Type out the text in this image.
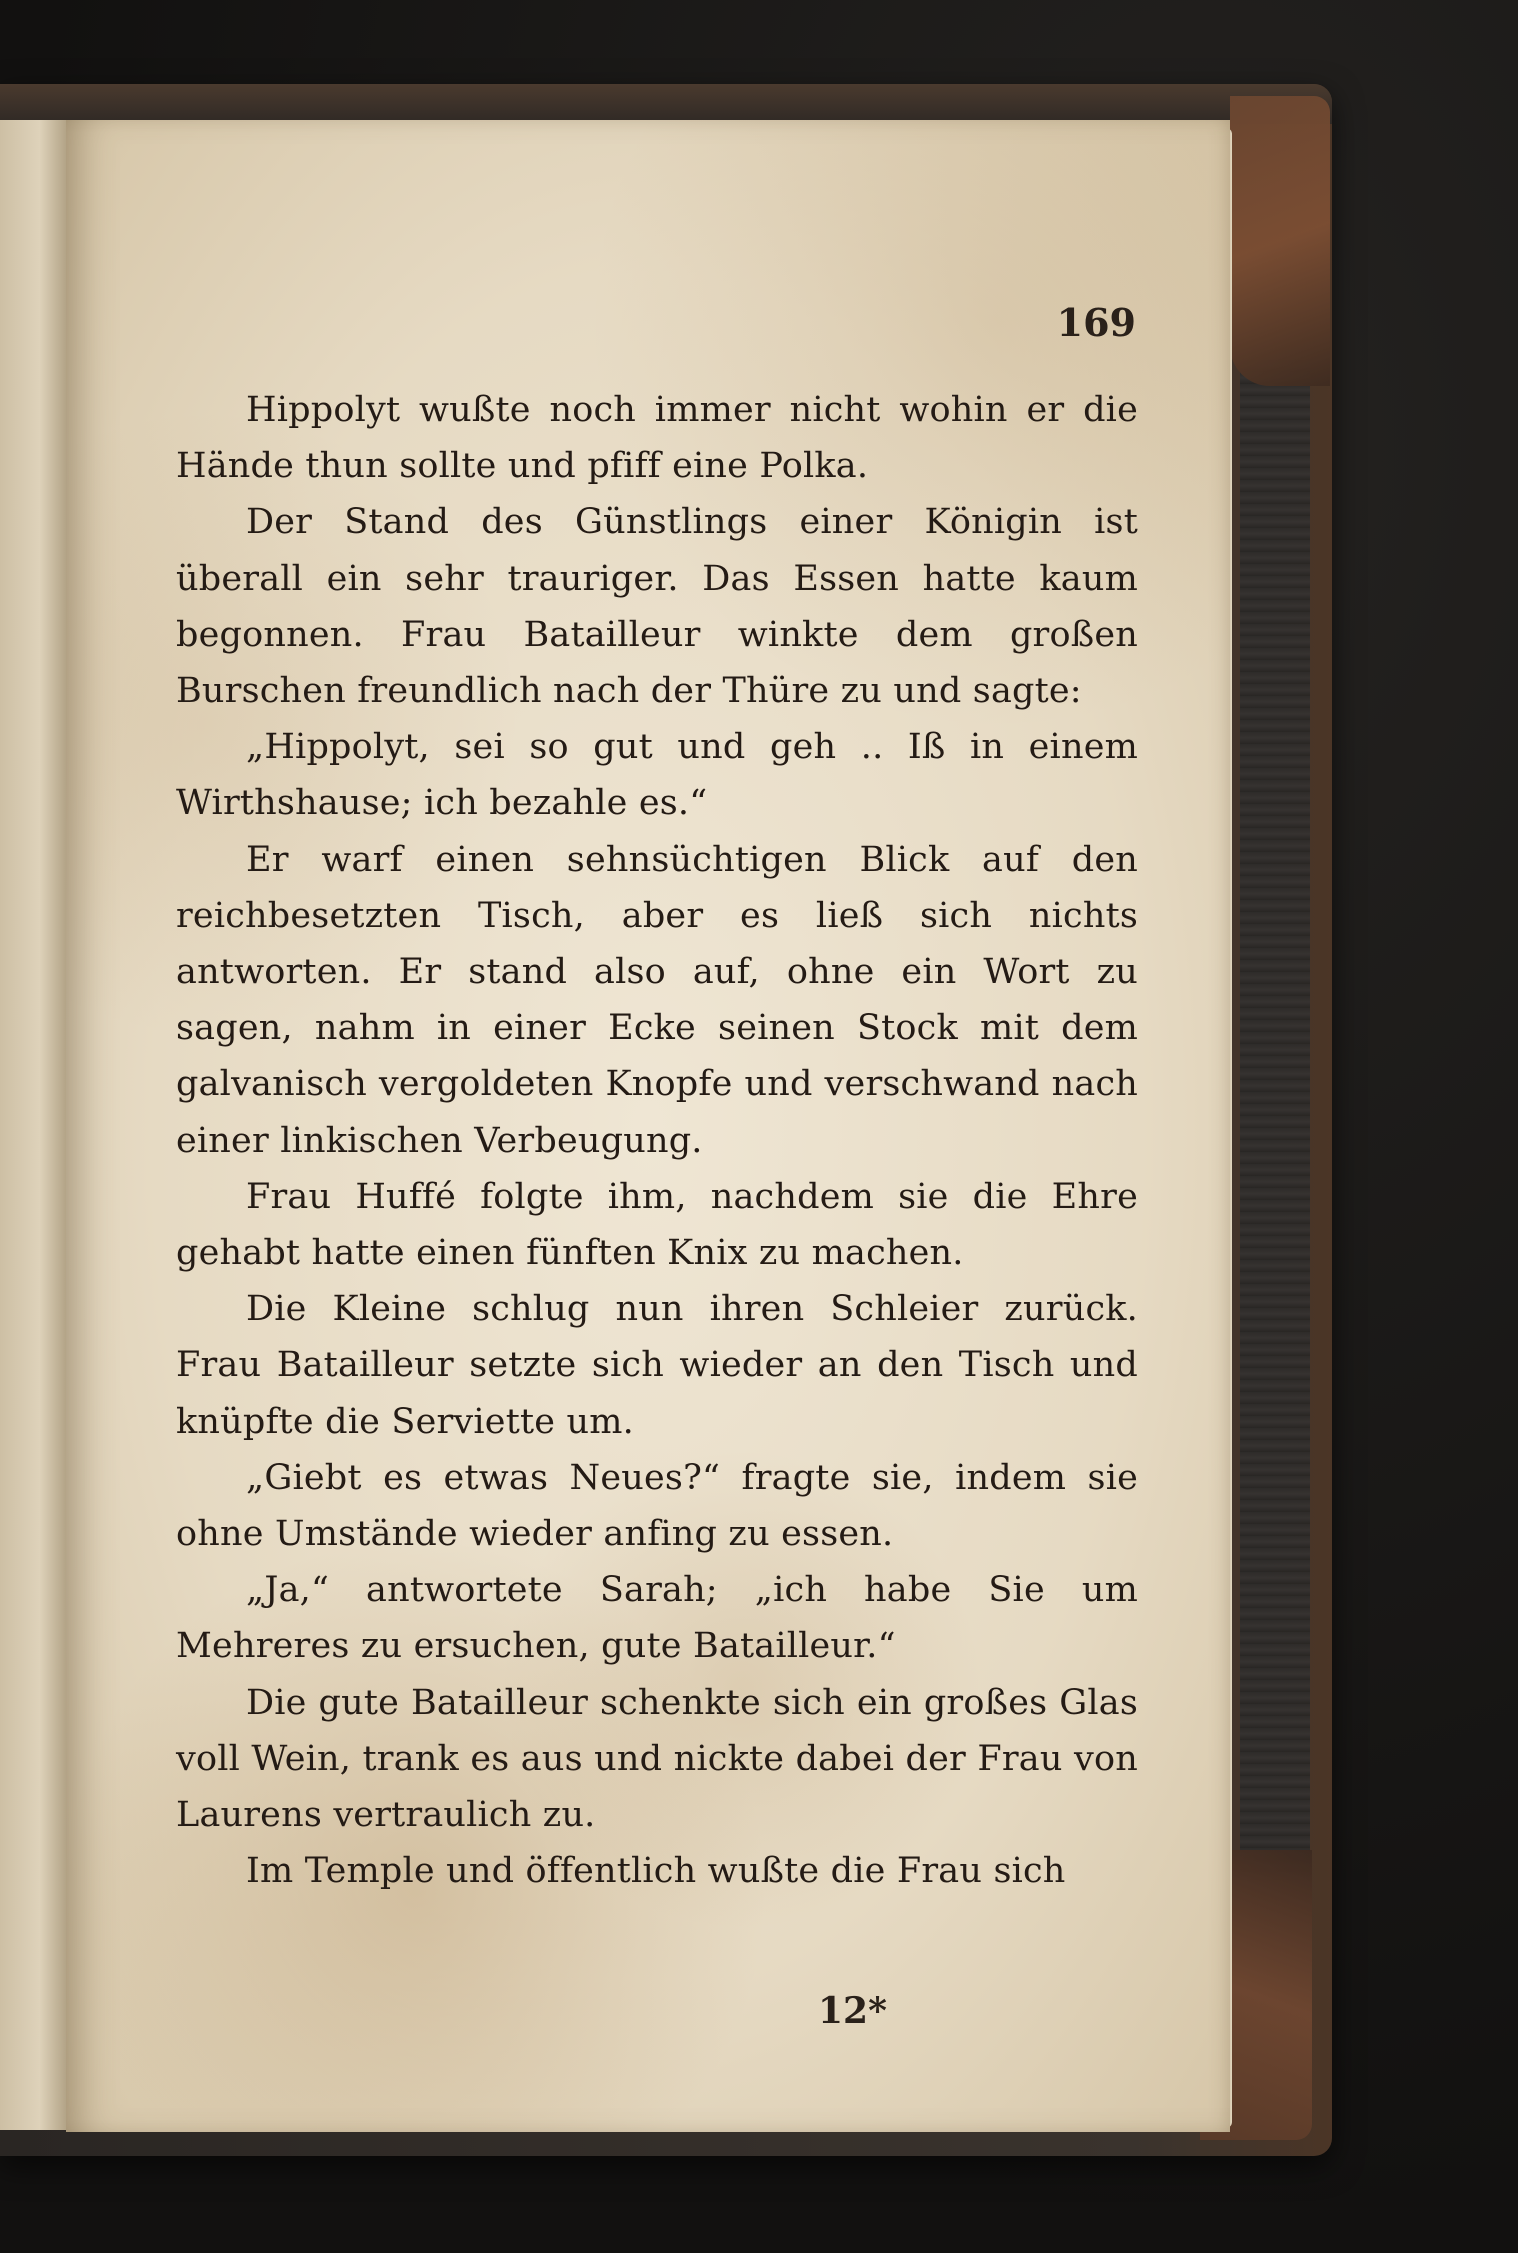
169

Hippolyt wußte noch immer nicht wohin er die Hände thun sollte und pfiff eine Polka.

Der Stand des Günstlings einer Königin ist überall ein sehr trauriger. Das Essen hatte kaum begonnen. Frau Batailleur winkte dem großen Burschen freundlich nach der Thüre zu und sagte:

„Hippolyt, sei so gut und geh .. Iß in einem Wirthshause; ich bezahle es.“

Er warf einen sehnsüchtigen Blick auf den reichbesetzten Tisch, aber es ließ sich nichts antworten. Er stand also auf, ohne ein Wort zu sagen, nahm in einer Ecke seinen Stock mit dem galvanisch vergoldeten Knopfe und verschwand nach einer linkischen Verbeugung.

Frau Huffé folgte ihm, nachdem sie die Ehre gehabt hatte einen fünften Knix zu machen.

Die Kleine schlug nun ihren Schleier zurück. Frau Batailleur setzte sich wieder an den Tisch und knüpfte die Serviette um.

„Giebt es etwas Neues?“ fragte sie, indem sie ohne Umstände wieder anfing zu essen.

„Ja,“ antwortete Sarah; „ich habe Sie um Mehreres zu ersuchen, gute Batailleur.“

Die gute Batailleur schenkte sich ein großes Glas voll Wein, trank es aus und nickte dabei der Frau von Laurens vertraulich zu.

Im Temple und öffentlich wußte die Frau sich

12*
